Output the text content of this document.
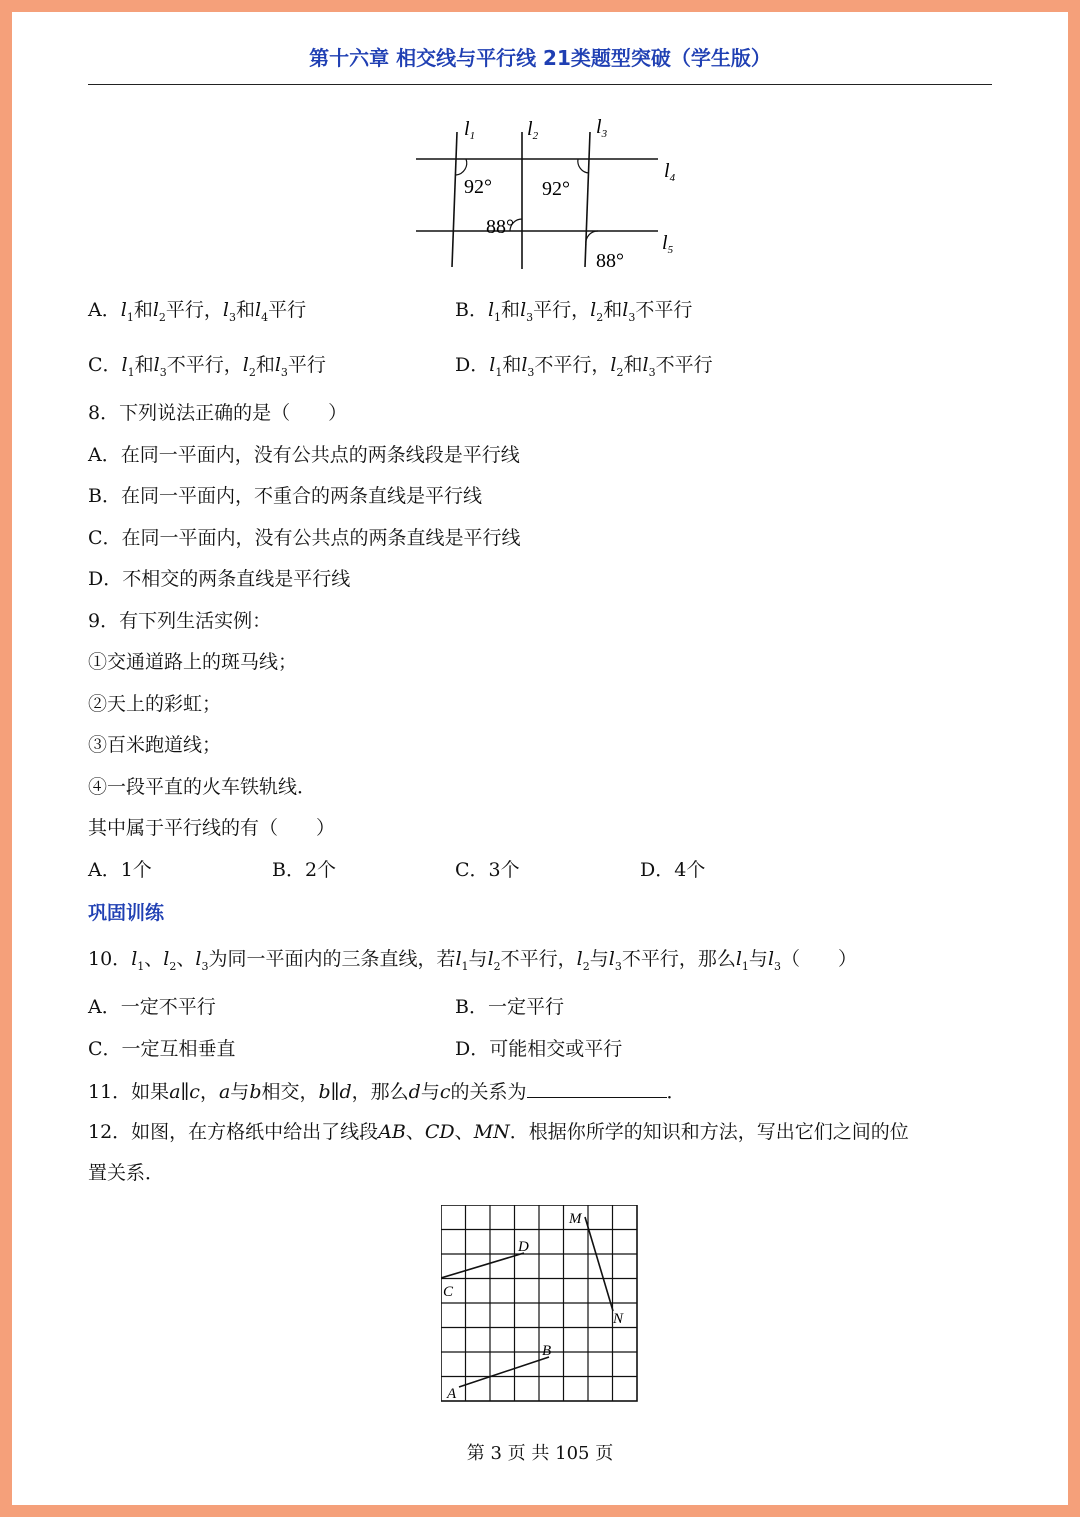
第十六章 相交线与平行线 21类题型突破（学生版）
$l_1$	$l_2$	$l_3$
$l_4$
$l_5$
92°	92°
88°
88°
A．$l_1$和$l_2$平行，$l_3$和$l_4$平行	B．$l_1$和$l_3$平行，$l_2$和$l_3$不平行
C．$l_1$和$l_3$不平行，$l_2$和$l_3$平行	D．$l_1$和$l_3$不平行，$l_2$和$l_3$不平行
8．下列说法正确的是（　　）
A．在同一平面内，没有公共点的两条线段是平行线
B．在同一平面内，不重合的两条直线是平行线
C．在同一平面内，没有公共点的两条直线是平行线
D．不相交的两条直线是平行线
9．有下列生活实例：
①交通道路上的斑马线；
②天上的彩虹；
③百米跑道线；
④一段平直的火车铁轨线．
其中属于平行线的有（　　）
A．1个	B．2个	C．3个	D．4个
巩固训练
10．$l_1$、$l_2$、$l_3$为同一平面内的三条直线，若$l_1$与$l_2$不平行，$l_2$与$l_3$不平行，那么$l_1$与$l_3$（　　）
A．一定不平行	B．一定平行
C．一定互相垂直	D．可能相交或平行
11．如果a∥c，a与b相交，b∥d，那么d与c的关系为	．
12．如图，在方格纸中给出了线段AB、CD、MN．根据你所学的知识和方法，写出它们之间的位
置关系．
M
D
C
N
B
A
第 3 页 共 105 页
